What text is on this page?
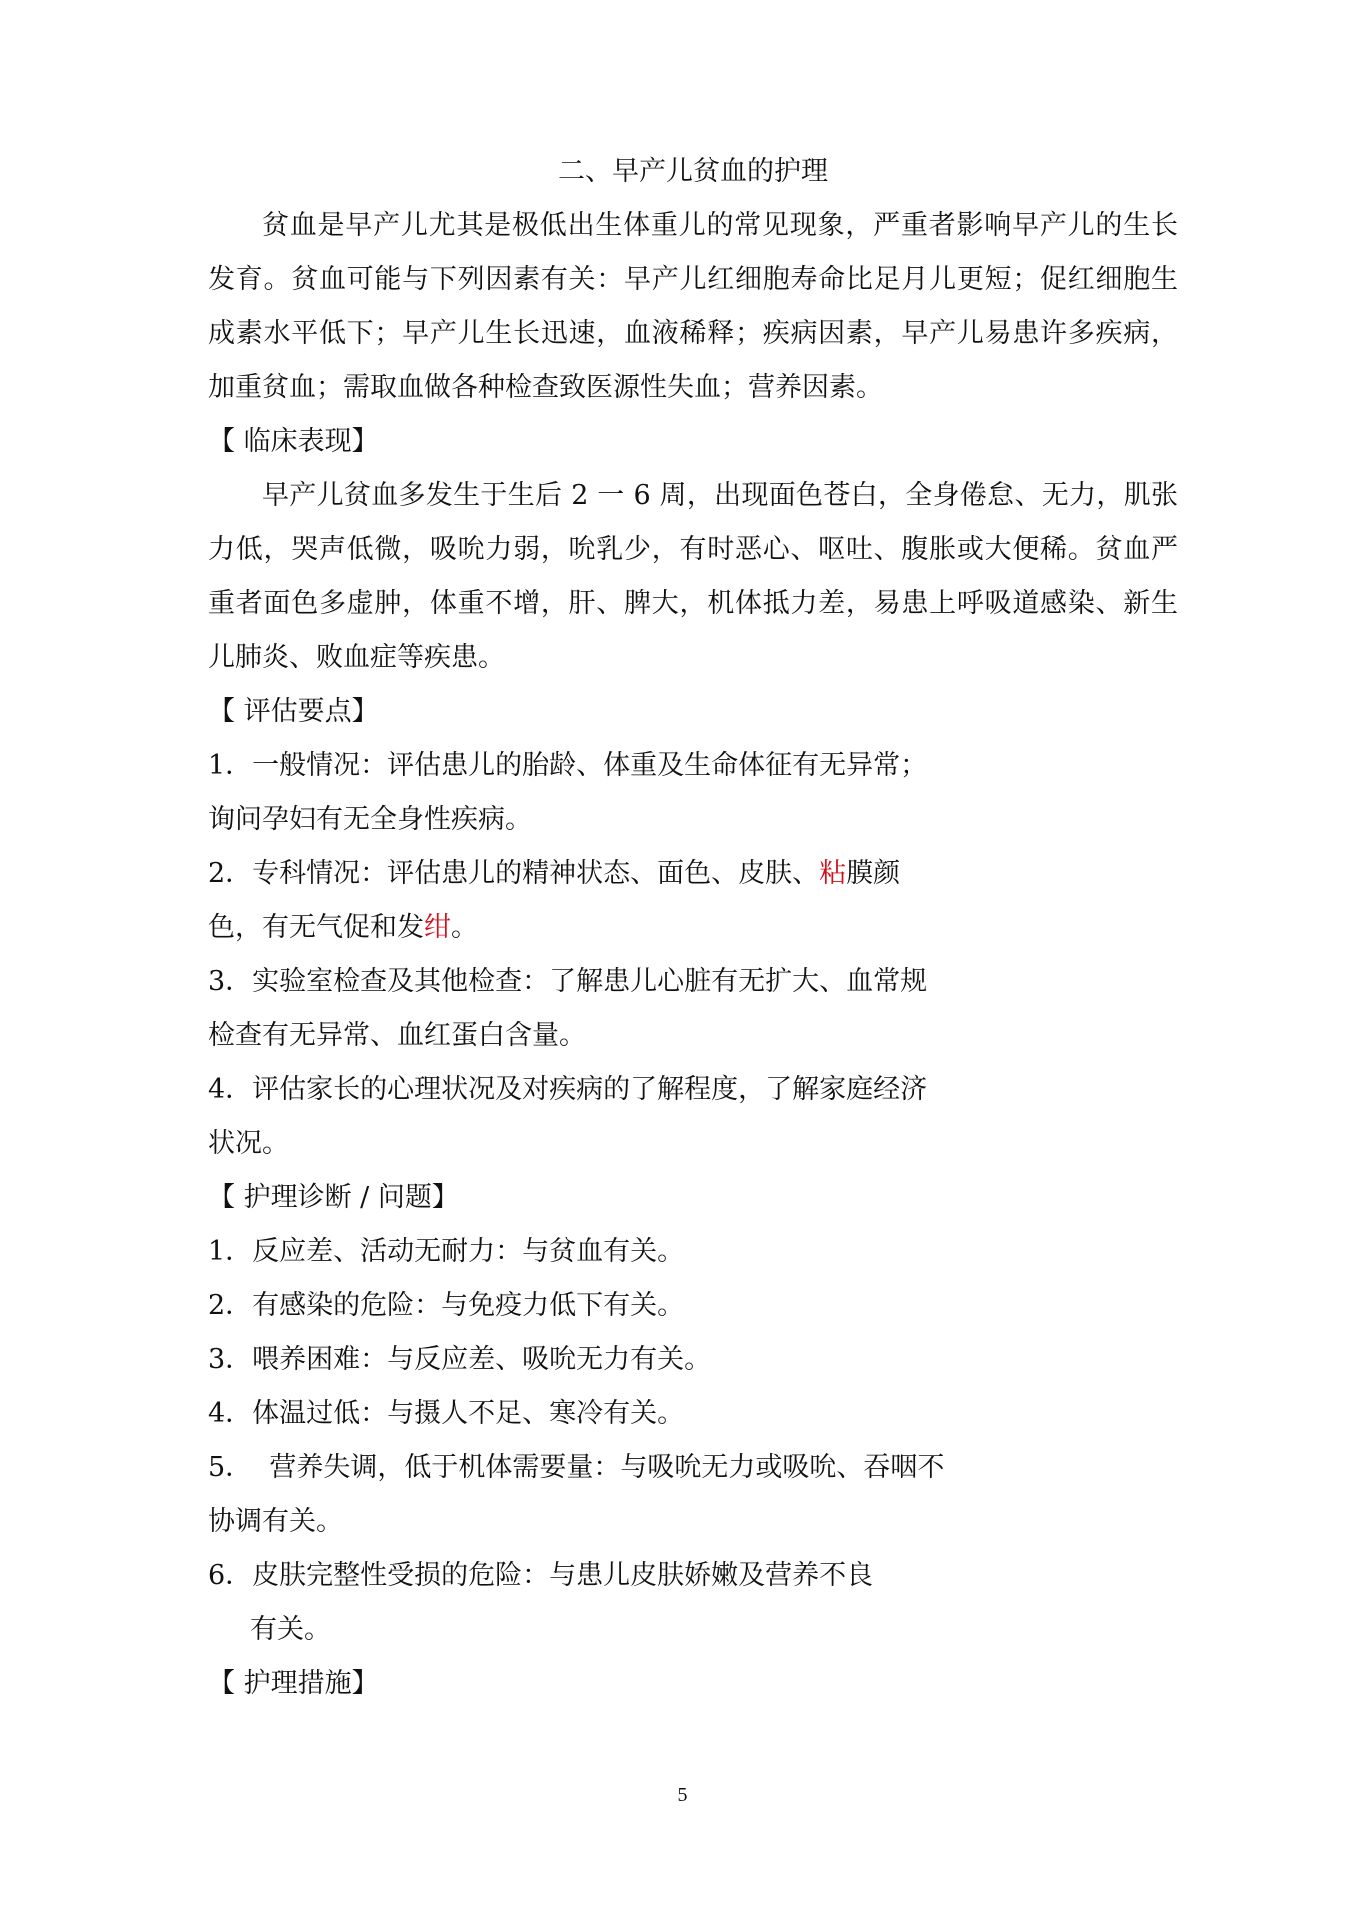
二、早产儿贫血的护理

贫血是早产儿尤其是极低出生体重儿的常见现象，严重者影响早产儿的生长发育。贫血可能与下列因素有关：早产儿红细胞寿命比足月儿更短；促红细胞生成素水平低下；早产儿生长迅速，血液稀释；疾病因素，早产儿易患许多疾病，加重贫血；需取血做各种检查致医源性失血；营养因素。

【 临床表现】

早产儿贫血多发生于生后 2 一 6 周，出现面色苍白，全身倦怠、无力，肌张力低，哭声低微，吸吮力弱，吮乳少，有时恶心、呕吐、腹胀或大便稀。贫血严重者面色多虚肿，体重不增，肝、脾大，机体抵力差，易患上呼吸道感染、新生儿肺炎、败血症等疾患。

【 评估要点】

1．一般情况：评估患儿的胎龄、体重及生命体征有无异常；询问孕妇有无全身性疾病。

2．专科情况：评估患儿的精神状态、面色、皮肤、粘膜颜色，有无气促和发绀。

3．实验室检查及其他检查：了解患儿心脏有无扩大、血常规检查有无异常、血红蛋白含量。

4．评估家长的心理状况及对疾病的了解程度，了解家庭经济状况。

【 护理诊断 / 问题】

1．反应差、活动无耐力：与贫血有关。

2．有感染的危险：与免疫力低下有关。

3．喂养困难：与反应差、吸吮无力有关。

4．体温过低：与摄人不足、寒冷有关。

5．  营养失调，低于机体需要量：与吸吮无力或吸吮、吞咽不协调有关。

6．皮肤完整性受损的危险：与患儿皮肤娇嫩及营养不良

有关。

【 护理措施】

5
